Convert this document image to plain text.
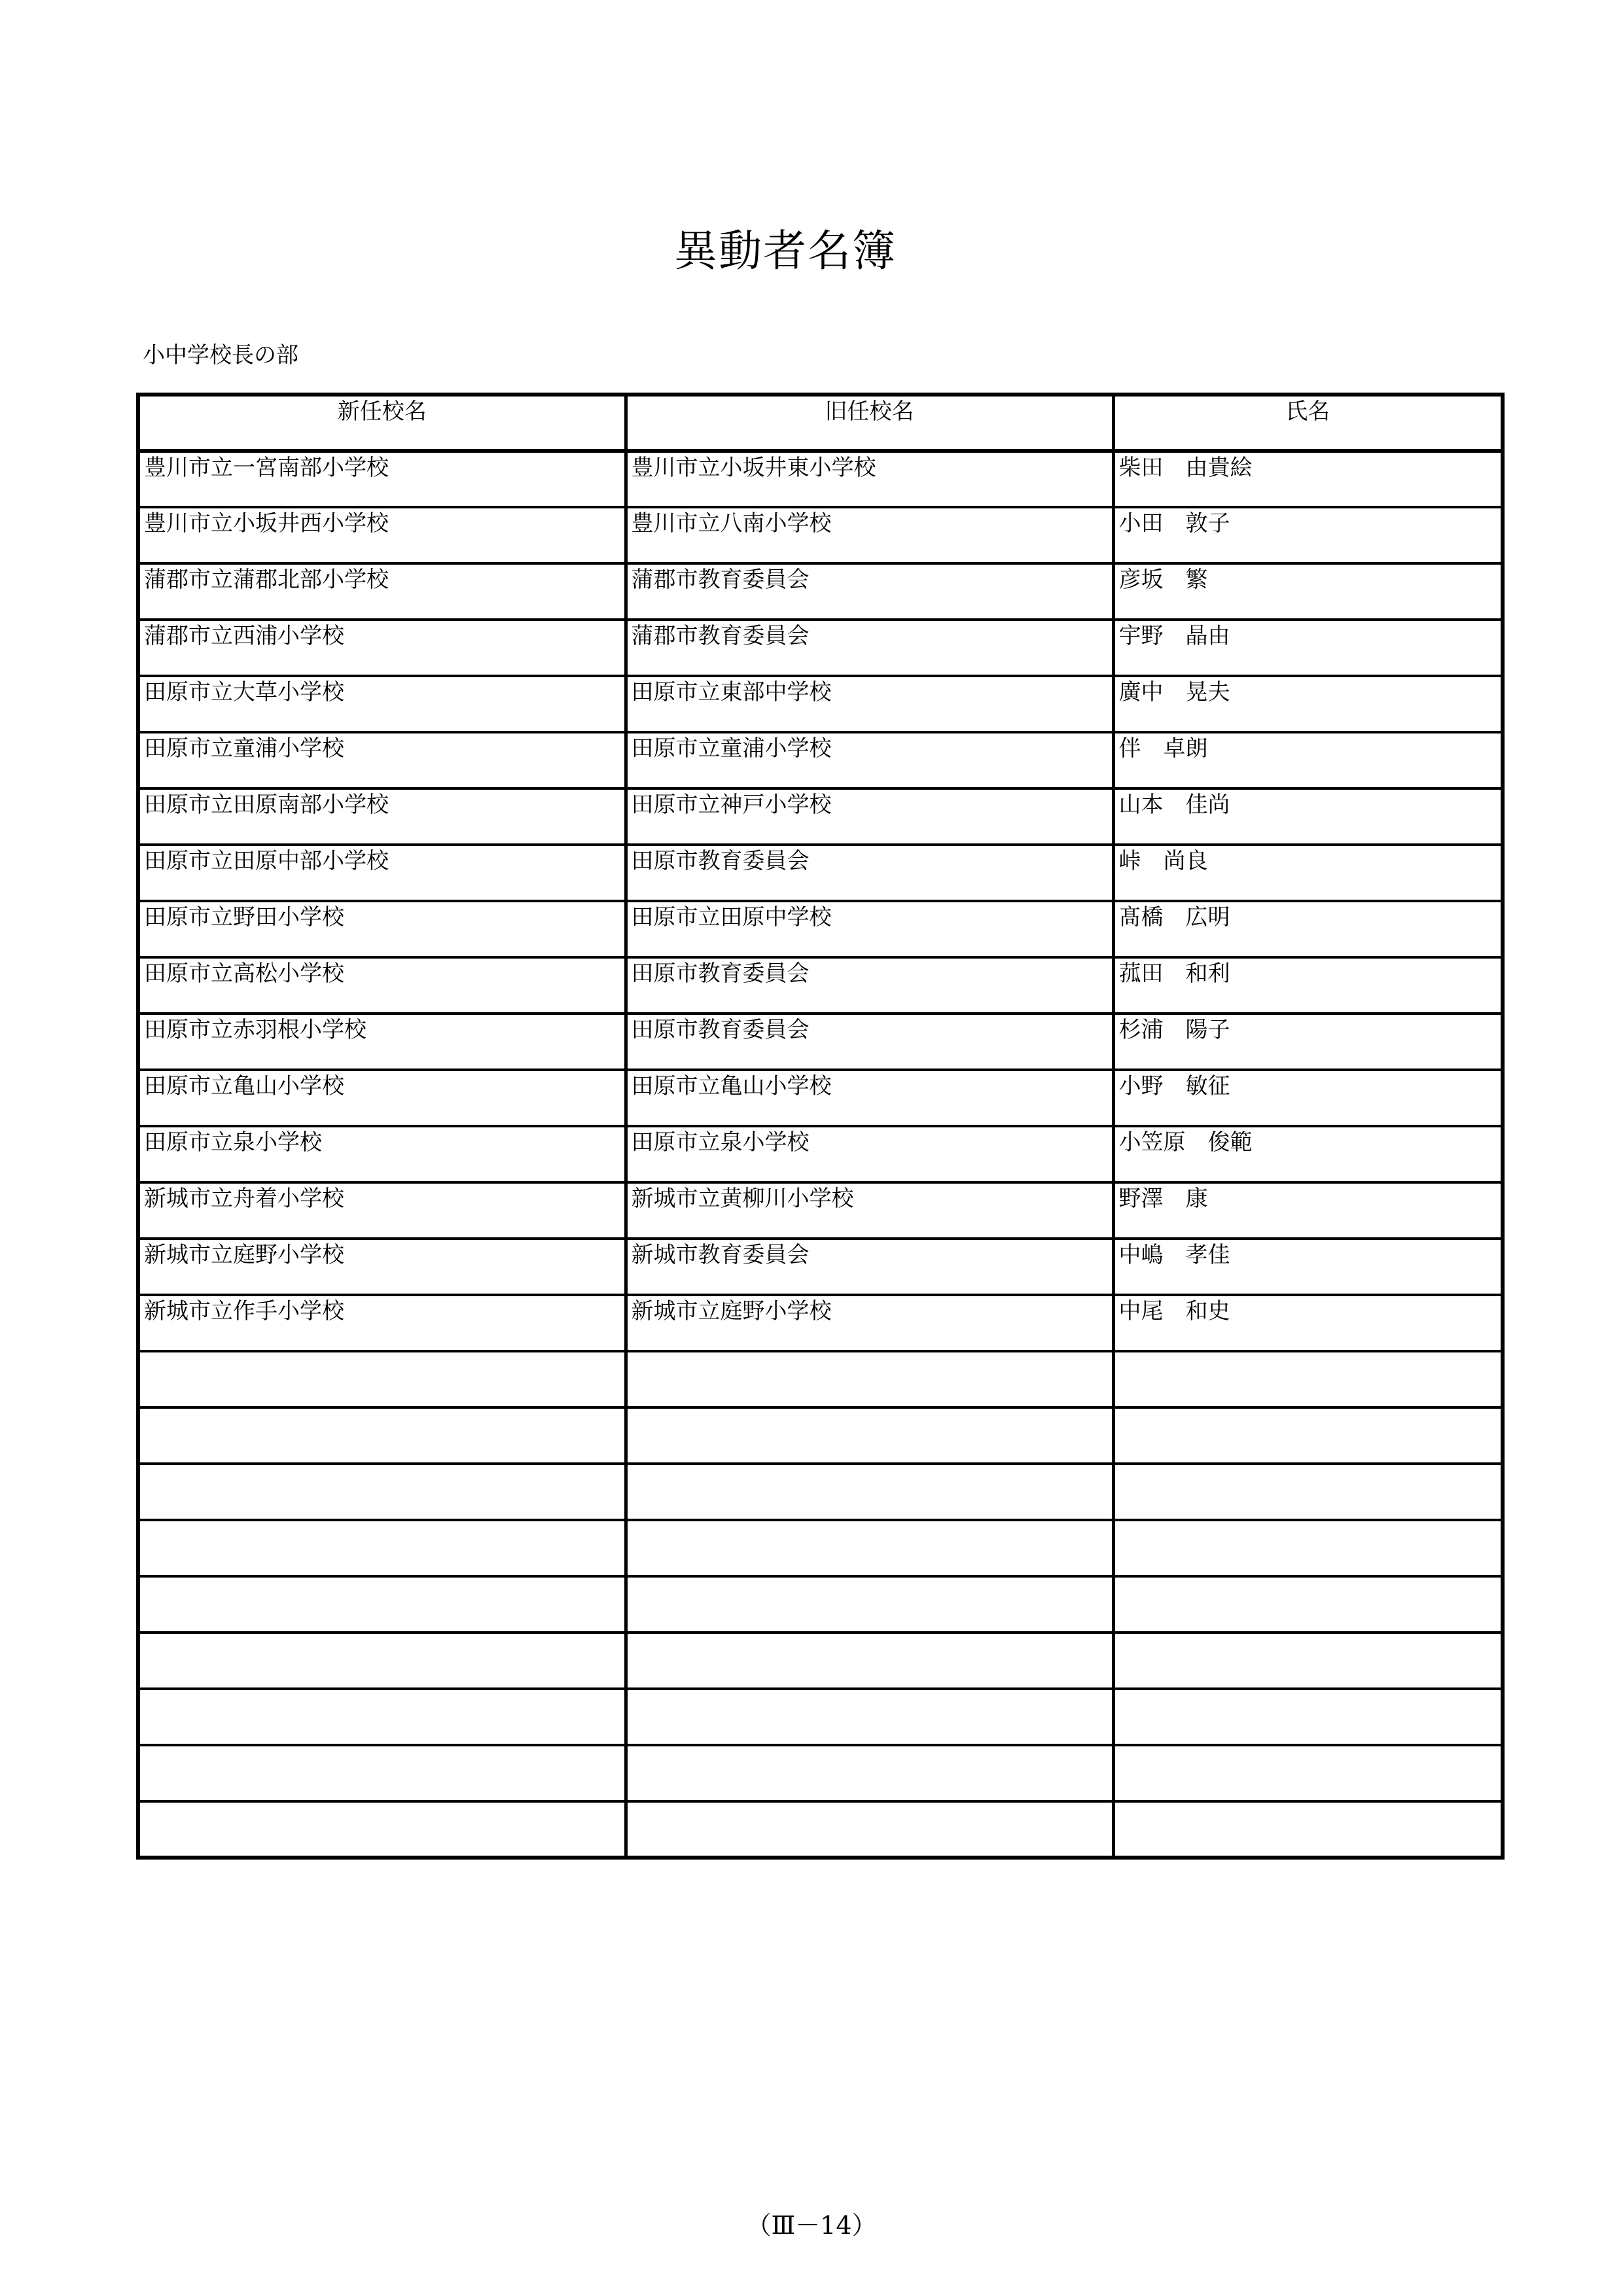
異動者名簿
小中学校長の部
新任校名	旧任校名	氏名
豊川市立一宮南部小学校	豊川市立小坂井東小学校	柴田　由貴絵
豊川市立小坂井西小学校	豊川市立八南小学校	小田　敦子
蒲郡市立蒲郡北部小学校	蒲郡市教育委員会	彦坂　繁
蒲郡市立西浦小学校	蒲郡市教育委員会	宇野　晶由
田原市立大草小学校	田原市立東部中学校	廣中　晃夫
田原市立童浦小学校	田原市立童浦小学校	伴　卓朗
田原市立田原南部小学校	田原市立神戸小学校	山本　佳尚
田原市立田原中部小学校	田原市教育委員会	峠　尚良
田原市立野田小学校	田原市立田原中学校	髙橋　広明
田原市立高松小学校	田原市教育委員会	菰田　和利
田原市立赤羽根小学校	田原市教育委員会	杉浦　陽子
田原市立亀山小学校	田原市立亀山小学校	小野　敏征
田原市立泉小学校	田原市立泉小学校	小笠原　俊範
新城市立舟着小学校	新城市立黄柳川小学校	野澤　康
新城市立庭野小学校	新城市教育委員会	中嶋　孝佳
新城市立作手小学校	新城市立庭野小学校	中尾　和史

（Ⅲ－14）
